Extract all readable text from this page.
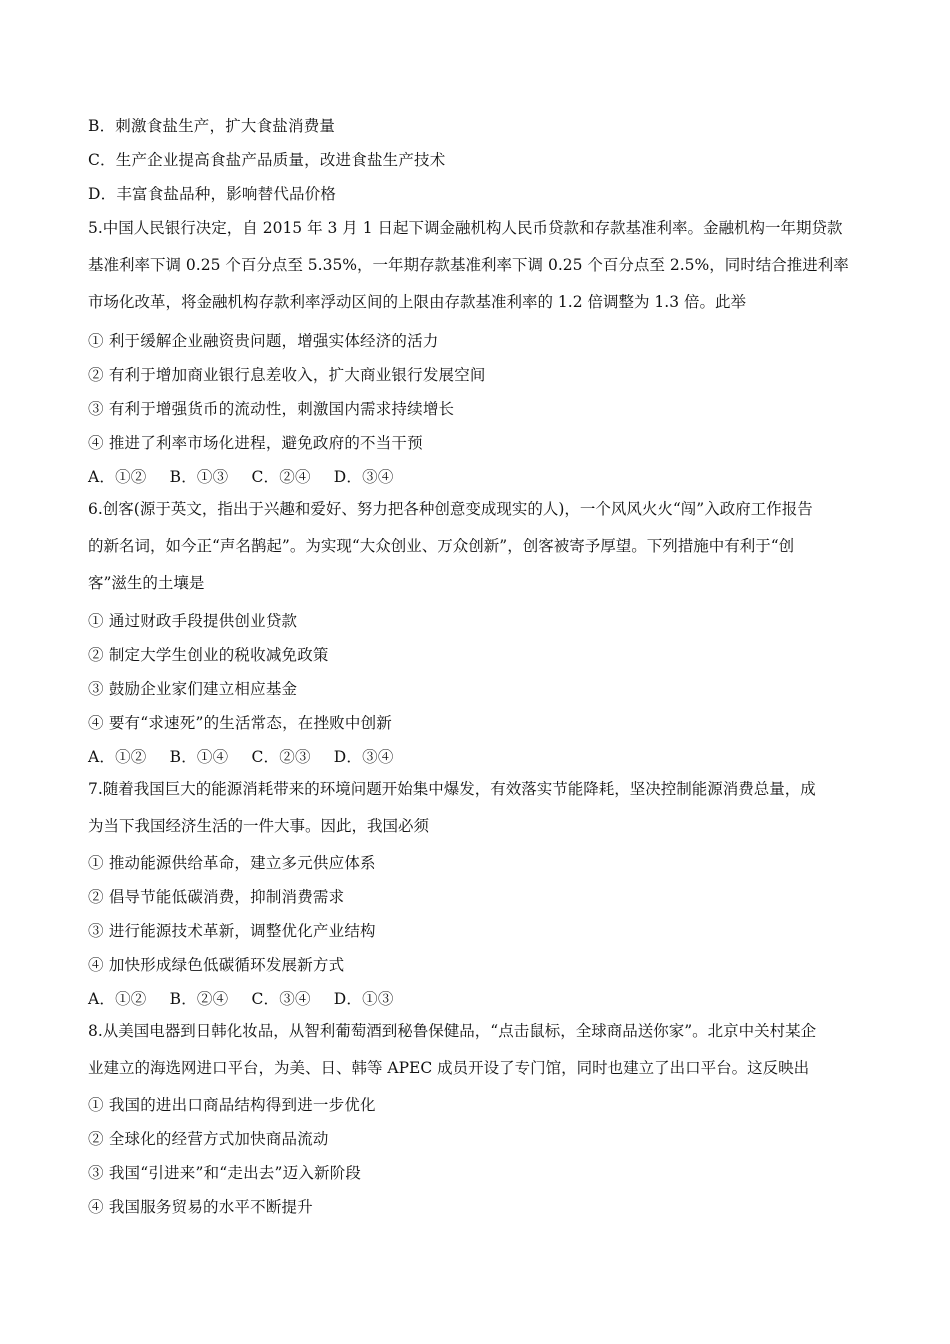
B．刺激食盐生产，扩大食盐消费量
C．生产企业提高食盐产品质量，改进食盐生产技术
D．丰富食盐品种，影响替代品价格
5.中国人民银行决定，自 2015 年 3 月 1 日起下调金融机构人民币贷款和存款基准利率。金融机构一年期贷款
基准利率下调 0.25 个百分点至 5.35%，一年期存款基准利率下调 0.25 个百分点至 2.5%，同时结合推进利率
市场化改革，将金融机构存款利率浮动区间的上限由存款基准利率的 1.2 倍调整为 1.3 倍。此举
① 利于缓解企业融资贵问题，增强实体经济的活力
② 有利于增加商业银行息差收入，扩大商业银行发展空间
③ 有利于增强货币的流动性，刺激国内需求持续增长
④ 推进了利率市场化进程，避免政府的不当干预
A．①② B．①③ C．②④ D．③④
6.创客(源于英文，指出于兴趣和爱好、努力把各种创意变成现实的人)，一个风风火火“闯”入政府工作报告
的新名词，如今正“声名鹊起”。为实现“大众创业、万众创新”，创客被寄予厚望。下列措施中有利于“创
客”滋生的土壤是
① 通过财政手段提供创业贷款
② 制定大学生创业的税收减免政策
③ 鼓励企业家们建立相应基金
④ 要有“求速死”的生活常态，在挫败中创新
A．①② B．①④ C．②③ D．③④
7.随着我国巨大的能源消耗带来的环境问题开始集中爆发，有效落实节能降耗，坚决控制能源消费总量，成
为当下我国经济生活的一件大事。因此，我国必须
① 推动能源供给革命，建立多元供应体系
② 倡导节能低碳消费，抑制消费需求
③ 进行能源技术革新，调整优化产业结构
④ 加快形成绿色低碳循环发展新方式
A．①② B．②④ C．③④ D．①③
8.从美国电器到日韩化妆品，从智利葡萄酒到秘鲁保健品，“点击鼠标，全球商品送你家”。北京中关村某企
业建立的海选网进口平台，为美、日、韩等 APEC 成员开设了专门馆，同时也建立了出口平台。这反映出
① 我国的进出口商品结构得到进一步优化
② 全球化的经营方式加快商品流动
③ 我国“引进来”和“走出去”迈入新阶段
④ 我国服务贸易的水平不断提升
